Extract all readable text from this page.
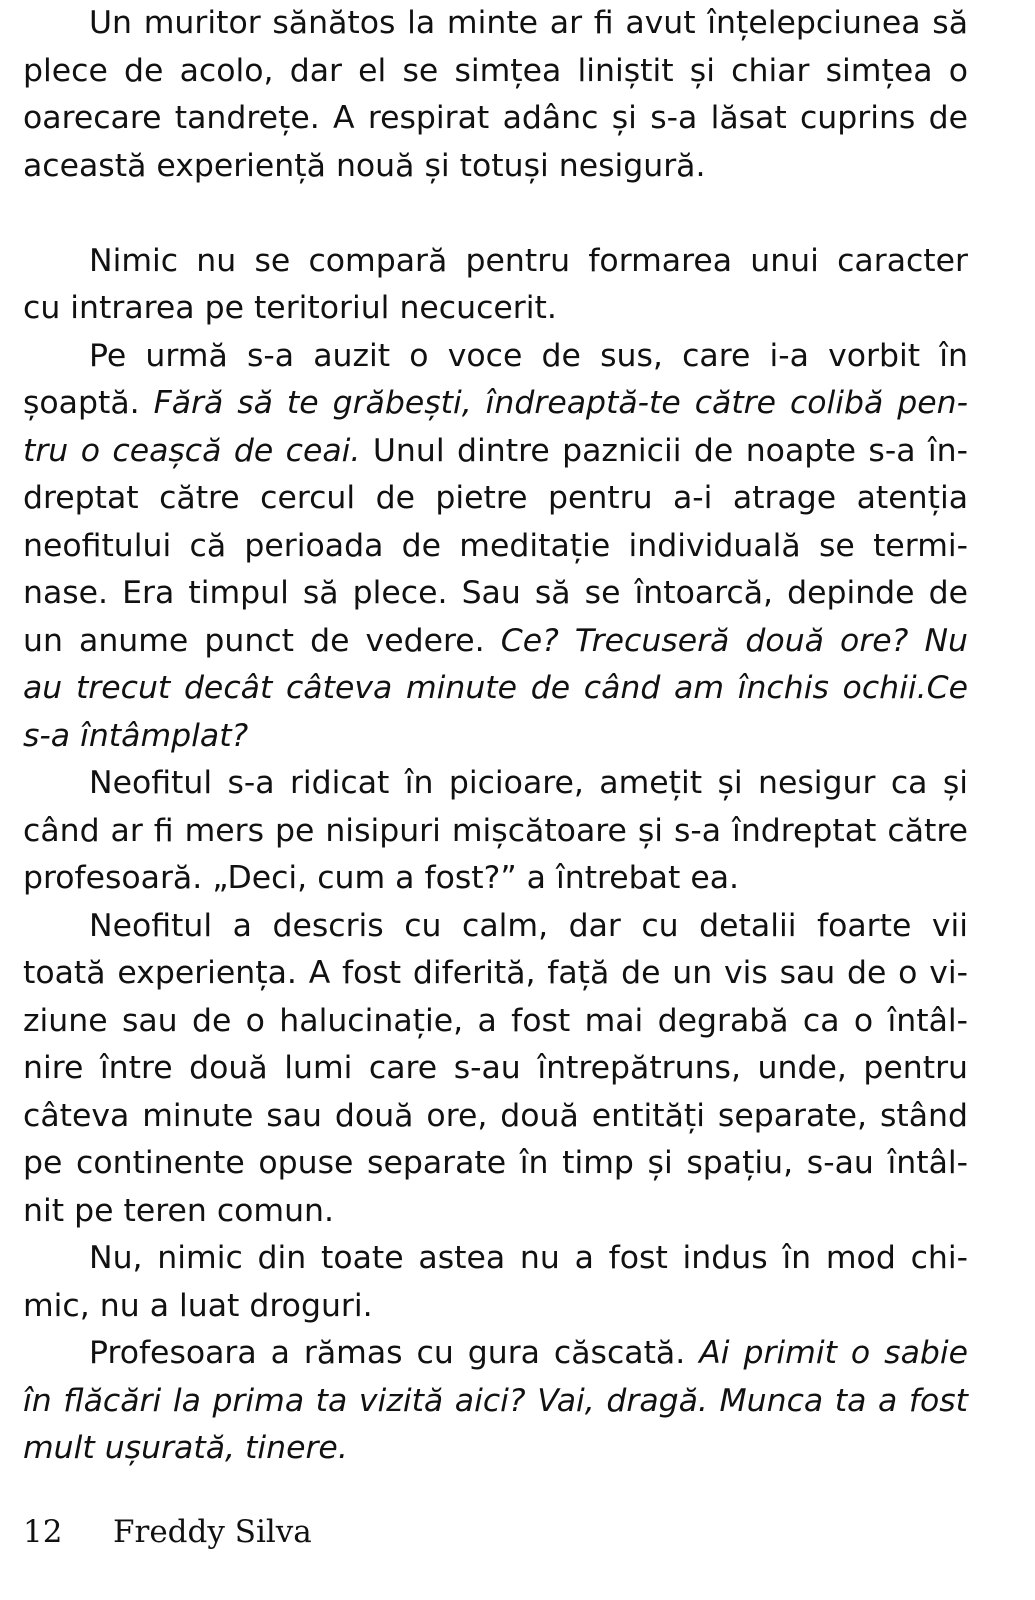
Un muritor sănătos la minte ar fi avut înțelepciunea să
plece de acolo, dar el se simțea liniștit și chiar simțea o
oarecare tandrețe. A respirat adânc și s-a lăsat cuprins de
această experiență nouă și totuși nesigură.
Nimic nu se compară pentru formarea unui caracter
cu intrarea pe teritoriul necucerit.
Pe urmă s-a auzit o voce de sus, care i-a vorbit în
șoaptă. Fără să te grăbești, îndreaptă-te către colibă pen-
tru o ceașcă de ceai. Unul dintre paznicii de noapte s-a în-
dreptat către cercul de pietre pentru a-i atrage atenția
neofitului că perioada de meditație individuală se termi-
nase. Era timpul să plece. Sau să se întoarcă, depinde de
un anume punct de vedere. Ce? Trecuseră două ore? Nu
au trecut decât câteva minute de când am închis ochii.Ce
s-a întâmplat?
Neofitul s-a ridicat în picioare, amețit și nesigur ca și
când ar fi mers pe nisipuri mișcătoare și s-a îndreptat către
profesoară. „Deci, cum a fost?” a întrebat ea.
Neofitul a descris cu calm, dar cu detalii foarte vii
toată experiența. A fost diferită, față de un vis sau de o vi-
ziune sau de o halucinație, a fost mai degrabă ca o întâl-
nire între două lumi care s-au întrepătruns, unde, pentru
câteva minute sau două ore, două entități separate, stând
pe continente opuse separate în timp și spațiu, s-au întâl-
nit pe teren comun.
Nu, nimic din toate astea nu a fost indus în mod chi-
mic, nu a luat droguri.
Profesoara a rămas cu gura căscată. Ai primit o sabie
în flăcări la prima ta vizită aici? Vai, dragă. Munca ta a fost
mult ușurată, tinere.
12 Freddy Silva
